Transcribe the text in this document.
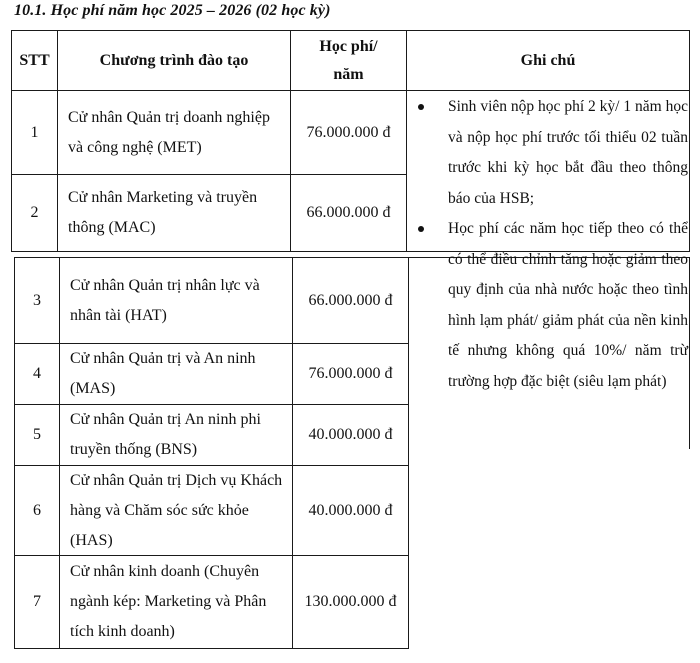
10.1. Học phí năm học 2025 – 2026 (02 học kỳ)
STT	Chương trình đào tạo
Học phí/
năm
Ghi chú
1
Cử nhân Quản trị doanh nghiệp và công nghệ (MET)
76.000.000 đ
2
Cử nhân Marketing và truyền thông (MAC)
66.000.000 đ
3
Cử nhân Quản trị nhân lực và nhân tài (HAT)
66.000.000 đ
4
Cử nhân Quản trị và An ninh (MAS)
76.000.000 đ
5
Cử nhân Quản trị An ninh phi truyền thống (BNS)
40.000.000 đ
6
Cử nhân Quản trị Dịch vụ Khách hàng và Chăm sóc sức khỏe (HAS)
40.000.000 đ
7
Cử nhân kinh doanh (Chuyên ngành kép: Marketing và Phân tích kinh doanh)
130.000.000 đ
Sinh viên nộp học phí 2 kỳ/ 1 năm học và nộp học phí trước tối thiểu 02 tuần trước khi kỳ học bắt đầu theo thông báo của HSB;
Học phí các năm học tiếp theo có thể có thể điều chỉnh tăng hoặc giảm theo quy định của nhà nước hoặc theo tình hình lạm phát/ giảm phát của nền kinh tế nhưng không quá 10%/ năm trừ trường hợp đặc biệt (siêu lạm phát)
